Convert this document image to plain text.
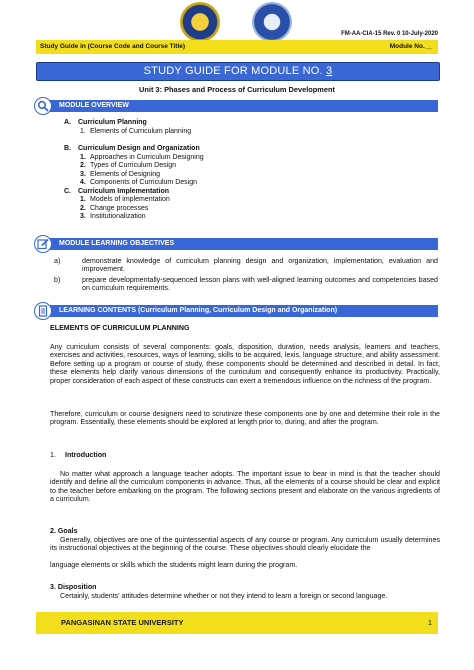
FM-AA-CIA-15 Rev. 0 10-July-2020
Study Guide in (Course Code and Course Title)	Module No.__
STUDY GUIDE FOR MODULE NO. 3
Unit 3: Phases and Process of Curriculum Development
MODULE OVERVIEW
A. Curriculum Planning
1. Elements of Curriculum planning
B. Curriculum Design and Organization
1. Approaches in Curriculum Designing
2. Types of Curriculum Design
3. Elements of Designing
4. Components of Curriculum Design
C. Curriculum Implementation
1. Models of implementation
2. Change processes
3. Institutionalization
MODULE LEARNING OBJECTIVES
a)	demonstrate knowledge of curriculum planning design and organization, implementation, evaluation and improvement.
b)	prepare developmentally-sequenced lesson plans with well-aligned learning outcomes and competencies based on curriculum requirements.
LEARNING CONTENTS (Curriculum Planning, Curriculum Design and Organization)
ELEMENTS OF CURRICULUM PLANNING
Any curriculum consists of several components: goals, disposition, duration, needs analysis, learners and teachers, exercises and activities, resources, ways of learning, skills to be acquired, lexis, language structure, and ability assessment. Before setting up a program or course of study, these components should be determined and described in detail. In fact, these elements help clarify various dimensions of the curriculum and consequently enhance its productivity. Practically, proper consideration of each aspect of these constructs can exert a tremendous influence on the richness of the program.
Therefore, curriculum or course designers need to scrutinize these components one by one and determine their role in the program. Essentially, these elements should be explored at length prior to, during, and after the program.
1. Introduction
No matter what approach a language teacher adopts. The important issue to bear in mind is that the teacher should identify and define all the curriculum components in advance. Thus, all the elements of a course should be clear and explicit to the teacher before embarking on the program. The following sections present and elaborate on the various ingredients of a curriculum.
2. Goals
Generally, objectives are one of the quintessential aspects of any course or program. Any curriculum usually determines its instructional objectives at the beginning of the course. These objectives should clearly elucidate the
language elements or skills which the students might learn during the program.
3. Disposition
Certainly, students' attitudes determine whether or not they intend to learn a foreign or second language.
PANGASINAN STATE UNIVERSITY	1
